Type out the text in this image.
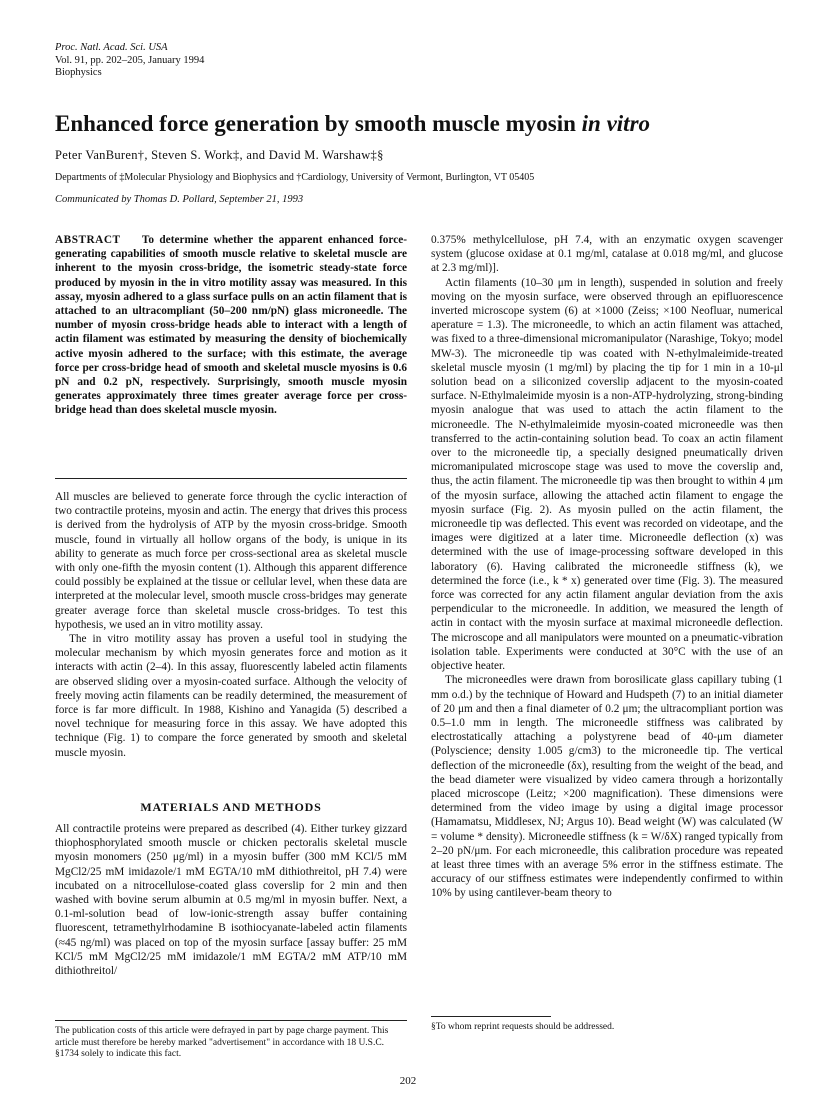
Proc. Natl. Acad. Sci. USA
Vol. 91, pp. 202–205, January 1994
Biophysics
Enhanced force generation by smooth muscle myosin in vitro
Peter VanBuren†, Steven S. Work‡, and David M. Warshaw‡§
Departments of ‡Molecular Physiology and Biophysics and †Cardiology, University of Vermont, Burlington, VT 05405
Communicated by Thomas D. Pollard, September 21, 1993
ABSTRACT To determine whether the apparent enhanced force-generating capabilities of smooth muscle relative to skeletal muscle are inherent to the myosin cross-bridge, the isometric steady-state force produced by myosin in the in vitro motility assay was measured. In this assay, myosin adhered to a glass surface pulls on an actin filament that is attached to an ultracompliant (50–200 nm/pN) glass microneedle. The number of myosin cross-bridge heads able to interact with a length of actin filament was estimated by measuring the density of biochemically active myosin adhered to the surface; with this estimate, the average force per cross-bridge head of smooth and skeletal muscle myosins is 0.6 pN and 0.2 pN, respectively. Surprisingly, smooth muscle myosin generates approximately three times greater average force per cross-bridge head than does skeletal muscle myosin.

All muscles are believed to generate force through the cyclic interaction of two contractile proteins, myosin and actin. The energy that drives this process is derived from the hydrolysis of ATP by the myosin cross-bridge. Smooth muscle, found in virtually all hollow organs of the body, is unique in its ability to generate as much force per cross-sectional area as skeletal muscle with only one-fifth the myosin content (1). Although this apparent difference could possibly be explained at the tissue or cellular level, when these data are interpreted at the molecular level, smooth muscle cross-bridges may generate greater average force than skeletal muscle cross-bridges. To test this hypothesis, we used an in vitro motility assay.

The in vitro motility assay has proven a useful tool in studying the molecular mechanism by which myosin generates force and motion as it interacts with actin (2–4). In this assay, fluorescently labeled actin filaments are observed sliding over a myosin-coated surface. Although the velocity of freely moving actin filaments can be readily determined, the measurement of force is far more difficult. In 1988, Kishino and Yanagida (5) described a novel technique for measuring force in this assay. We have adopted this technique (Fig. 1) to compare the force generated by smooth and skeletal muscle myosin.

MATERIALS AND METHODS

All contractile proteins were prepared as described (4). Either turkey gizzard thiophosphorylated smooth muscle or chicken pectoralis skeletal muscle myosin monomers (250 μg/ml) in a myosin buffer (300 mM KCl/5 mM MgCl2/25 mM imidazole/1 mM EGTA/10 mM dithiothreitol, pH 7.4) were incubated on a nitrocellulose-coated glass coverslip for 2 min and then washed with bovine serum albumin at 0.5 mg/ml in myosin buffer. Next, a 0.1-ml-solution bead of low-ionic-strength assay buffer containing fluorescent, tetramethylrhodamine B isothiocyanate-labeled actin filaments (≈45 ng/ml) was placed on top of the myosin surface [assay buffer: 25 mM KCl/5 mM MgCl2/25 mM imidazole/1 mM EGTA/2 mM ATP/10 mM dithiothreitol/

0.375% methylcellulose, pH 7.4, with an enzymatic oxygen scavenger system (glucose oxidase at 0.1 mg/ml, catalase at 0.018 mg/ml, and glucose at 2.3 mg/ml)].

Actin filaments (10–30 μm in length), suspended in solution and freely moving on the myosin surface, were observed through an epifluorescence inverted microscope system (6) at ×1000 (Zeiss; ×100 Neofluar, numerical aperature = 1.3). The microneedle, to which an actin filament was attached, was fixed to a three-dimensional micromanipulator (Narashige, Tokyo; model MW-3). The microneedle tip was coated with N-ethylmaleimide-treated skeletal muscle myosin (1 mg/ml) by placing the tip for 1 min in a 10-μl solution bead on a siliconized coverslip adjacent to the myosin-coated surface. N-Ethylmaleimide myosin is a non-ATP-hydrolyzing, strong-binding myosin analogue that was used to attach the actin filament to the microneedle. The N-ethylmaleimide myosin-coated microneedle was then transferred to the actin-containing solution bead. To coax an actin filament over to the microneedle tip, a specially designed pneumatically driven micromanipulated microscope stage was used to move the coverslip and, thus, the actin filament. The microneedle tip was then brought to within 4 μm of the myosin surface, allowing the attached actin filament to engage the myosin surface (Fig. 2). As myosin pulled on the actin filament, the microneedle tip was deflected. This event was recorded on videotape, and the images were digitized at a later time. Microneedle deflection (x) was determined with the use of image-processing software developed in this laboratory (6). Having calibrated the microneedle stiffness (k), we determined the force (i.e., k * x) generated over time (Fig. 3). The measured force was corrected for any actin filament angular deviation from the axis perpendicular to the microneedle. In addition, we measured the length of actin in contact with the myosin surface at maximal microneedle deflection. The microscope and all manipulators were mounted on a pneumatic-vibration isolation table. Experiments were conducted at 30°C with the use of an objective heater.

The microneedles were drawn from borosilicate glass capillary tubing (1 mm o.d.) by the technique of Howard and Hudspeth (7) to an initial diameter of 20 μm and then a final diameter of 0.2 μm; the ultracompliant portion was 0.5–1.0 mm in length. The microneedle stiffness was calibrated by electrostatically attaching a polystyrene bead of 40-μm diameter (Polyscience; density 1.005 g/cm3) to the microneedle tip. The vertical deflection of the microneedle (δx), resulting from the weight of the bead, and the bead diameter were visualized by video camera through a horizontally placed microscope (Leitz; ×200 magnification). These dimensions were determined from the video image by using a digital image processor (Hamamatsu, Middlesex, NJ; Argus 10). Bead weight (W) was calculated (W = volume * density). Microneedle stiffness (k = W/δX) ranged typically from 2–20 pN/μm. For each microneedle, this calibration procedure was repeated at least three times with an average 5% error in the stiffness estimate. The accuracy of our stiffness estimates were independently confirmed to within 10% by using cantilever-beam theory to

The publication costs of this article were defrayed in part by page charge payment. This article must therefore be hereby marked "advertisement" in accordance with 18 U.S.C. §1734 solely to indicate this fact.
§To whom reprint requests should be addressed.
202
